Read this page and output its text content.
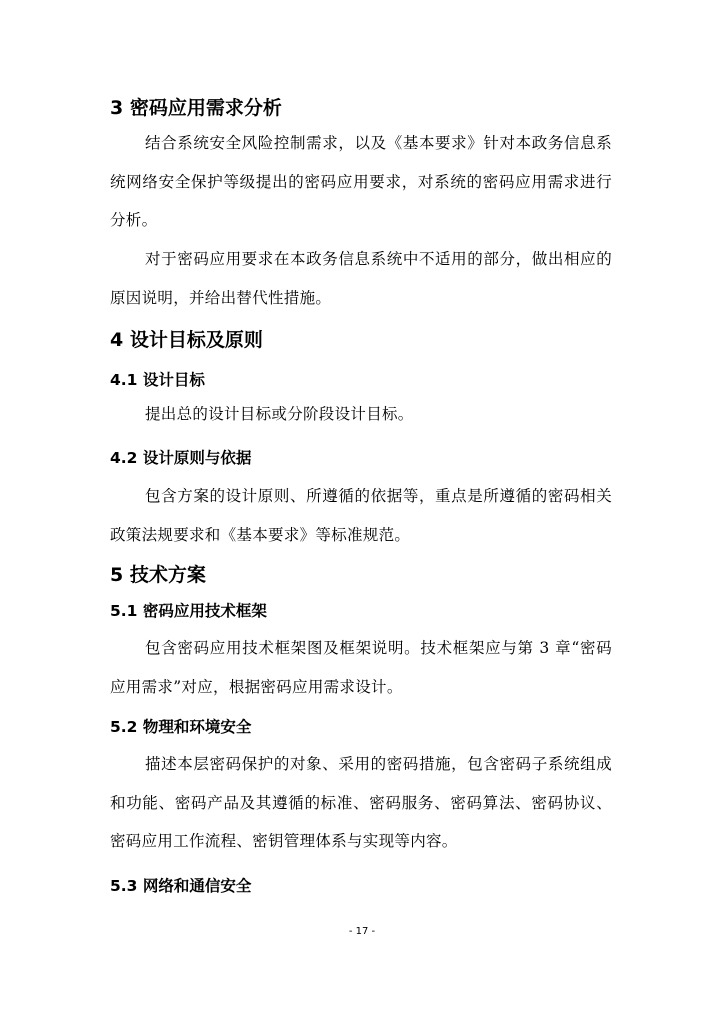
3 密码应用需求分析

结合系统安全风险控制需求，以及《基本要求》针对本政务信息系统网络安全保护等级提出的密码应用要求，对系统的密码应用需求进行分析。

对于密码应用要求在本政务信息系统中不适用的部分，做出相应的原因说明，并给出替代性措施。

4 设计目标及原则
4.1 设计目标

提出总的设计目标或分阶段设计目标。

4.2 设计原则与依据

包含方案的设计原则、所遵循的依据等，重点是所遵循的密码相关政策法规要求和《基本要求》等标准规范。

5 技术方案
5.1 密码应用技术框架

包含密码应用技术框架图及框架说明。技术框架应与第 3 章“密码应用需求”对应，根据密码应用需求设计。

5.2 物理和环境安全

描述本层密码保护的对象、采用的密码措施，包含密码子系统组成和功能、密码产品及其遵循的标准、密码服务、密码算法、密码协议、密码应用工作流程、密钥管理体系与实现等内容。

5.3 网络和通信安全
- 17 -
